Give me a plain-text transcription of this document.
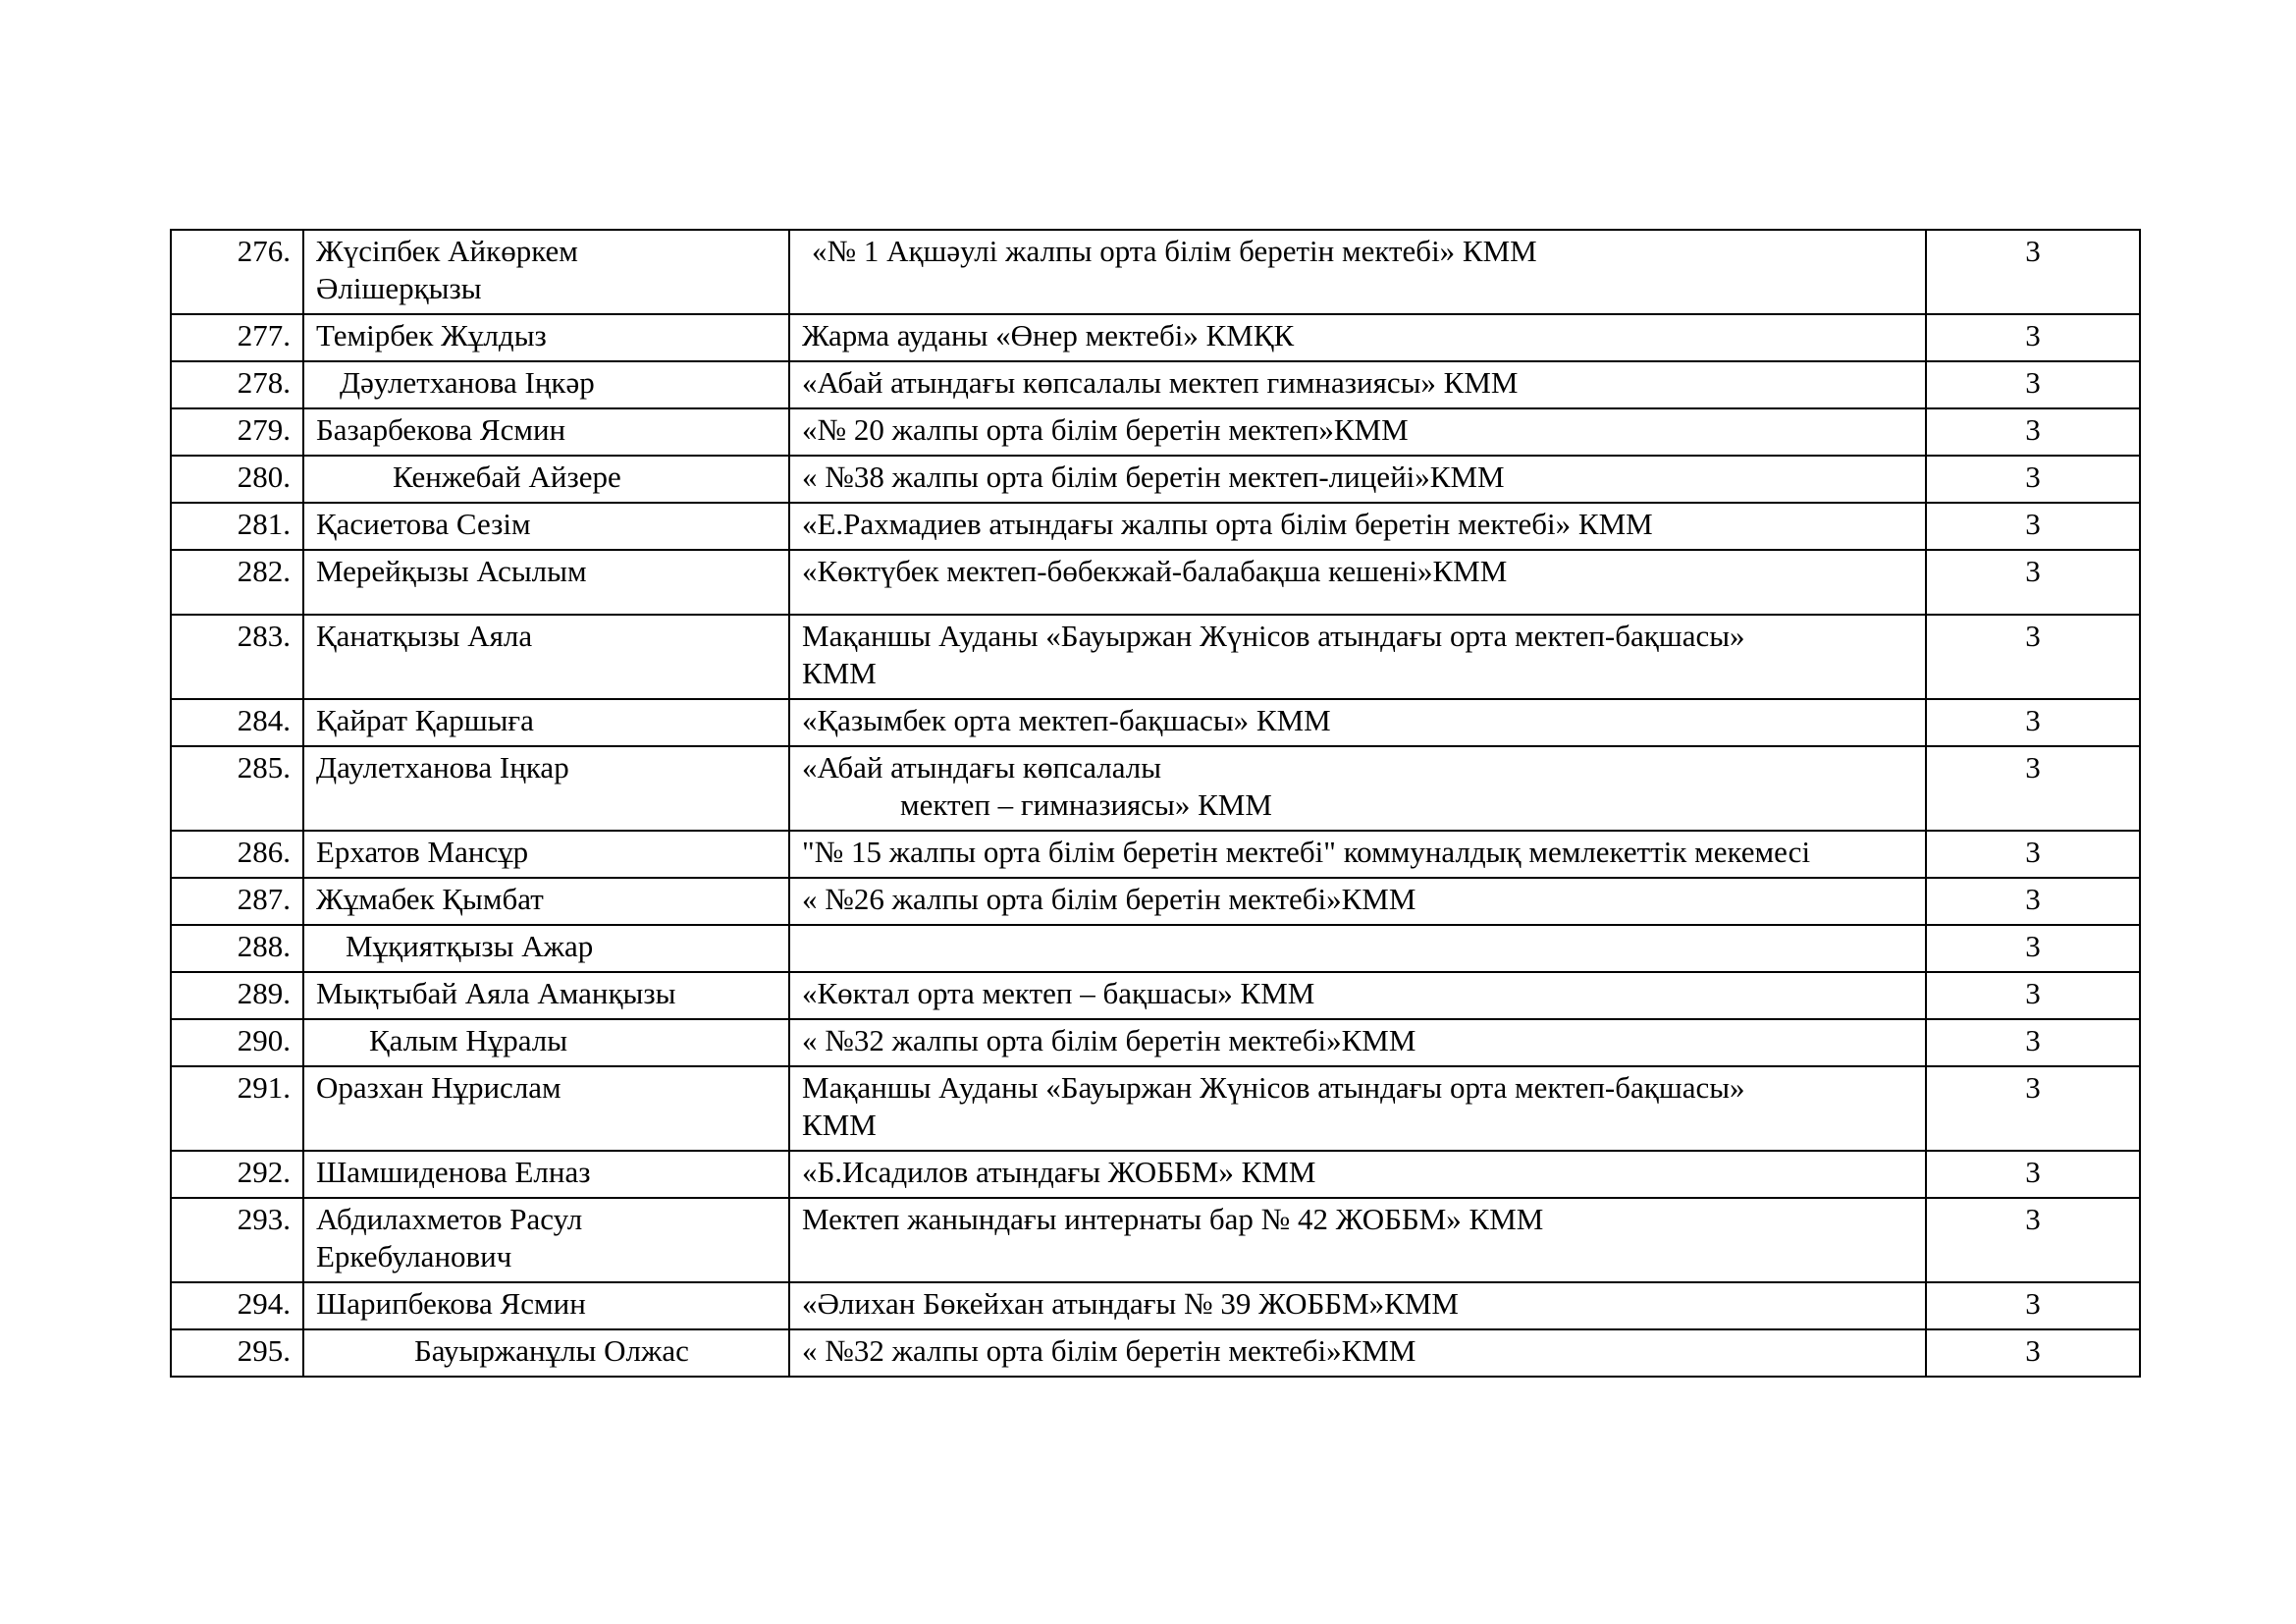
276.	Жүсіпбек Айкөркем
Әлішерқызы	«№ 1 Ақшәулі жалпы орта білім беретін мектебі» КММ	3
277.	Темірбек Жұлдыз	Жарма ауданы «Өнер мектебі» КМҚК	3
278.	Дәулетханова Іңкәр	«Абай атындағы көпсалалы мектеп гимназиясы» КММ	3
279.	Базарбекова Ясмин	«№ 20 жалпы орта білім беретін мектеп»КММ	3
280.	Кенжебай Айзере	« №38 жалпы орта білім беретін мектеп-лицейі»КММ	3
281.	Қасиетова Сезім	«Е.Рахмадиев атындағы жалпы орта білім беретін мектебі» КММ	3
282.	Мерейқызы Асылым	«Көктүбек мектеп-бөбекжай-балабақша кешені»КММ	3
283.	Қанатқызы Аяла	Мақаншы Ауданы «Бауыржан Жүнісов атындағы орта мектеп-бақшасы»
КММ	3
284.	Қайрат Қаршыға	«Қазымбек орта мектеп-бақшасы» КММ	3
285.	Даулетханова Іңкар	«Абай атындағы көпсалалы
мектеп – гимназиясы» КММ	3
286.	Ерхатов Мансұр	"№ 15 жалпы орта білім беретін мектебі" коммуналдық мемлекеттік мекемесі	3
287.	Жұмабек Қымбат	« №26 жалпы орта білім беретін мектебі»КММ	3
288.	Мұқиятқызы Ажар		3
289.	Мықтыбай Аяла Аманқызы	«Көктал орта мектеп – бақшасы» КММ	3
290.	Қалым Нұралы	« №32 жалпы орта білім беретін мектебі»КММ	3
291.	Оразхан Нұрислам	Мақаншы Ауданы «Бауыржан Жүнісов атындағы орта мектеп-бақшасы»
КММ	3
292.	Шамшиденова Елназ	«Б.Исадилов атындағы ЖОББМ» КММ	3
293.	Абдилахметов Расул
Еркебуланович	Мектеп жанындағы интернаты бар № 42 ЖОББМ» КММ	3
294.	Шарипбекова Ясмин	«Әлихан Бөкейхан атындағы № 39 ЖОББМ»КММ	3
295.	Бауыржанұлы Олжас	« №32 жалпы орта білім беретін мектебі»КММ	3
